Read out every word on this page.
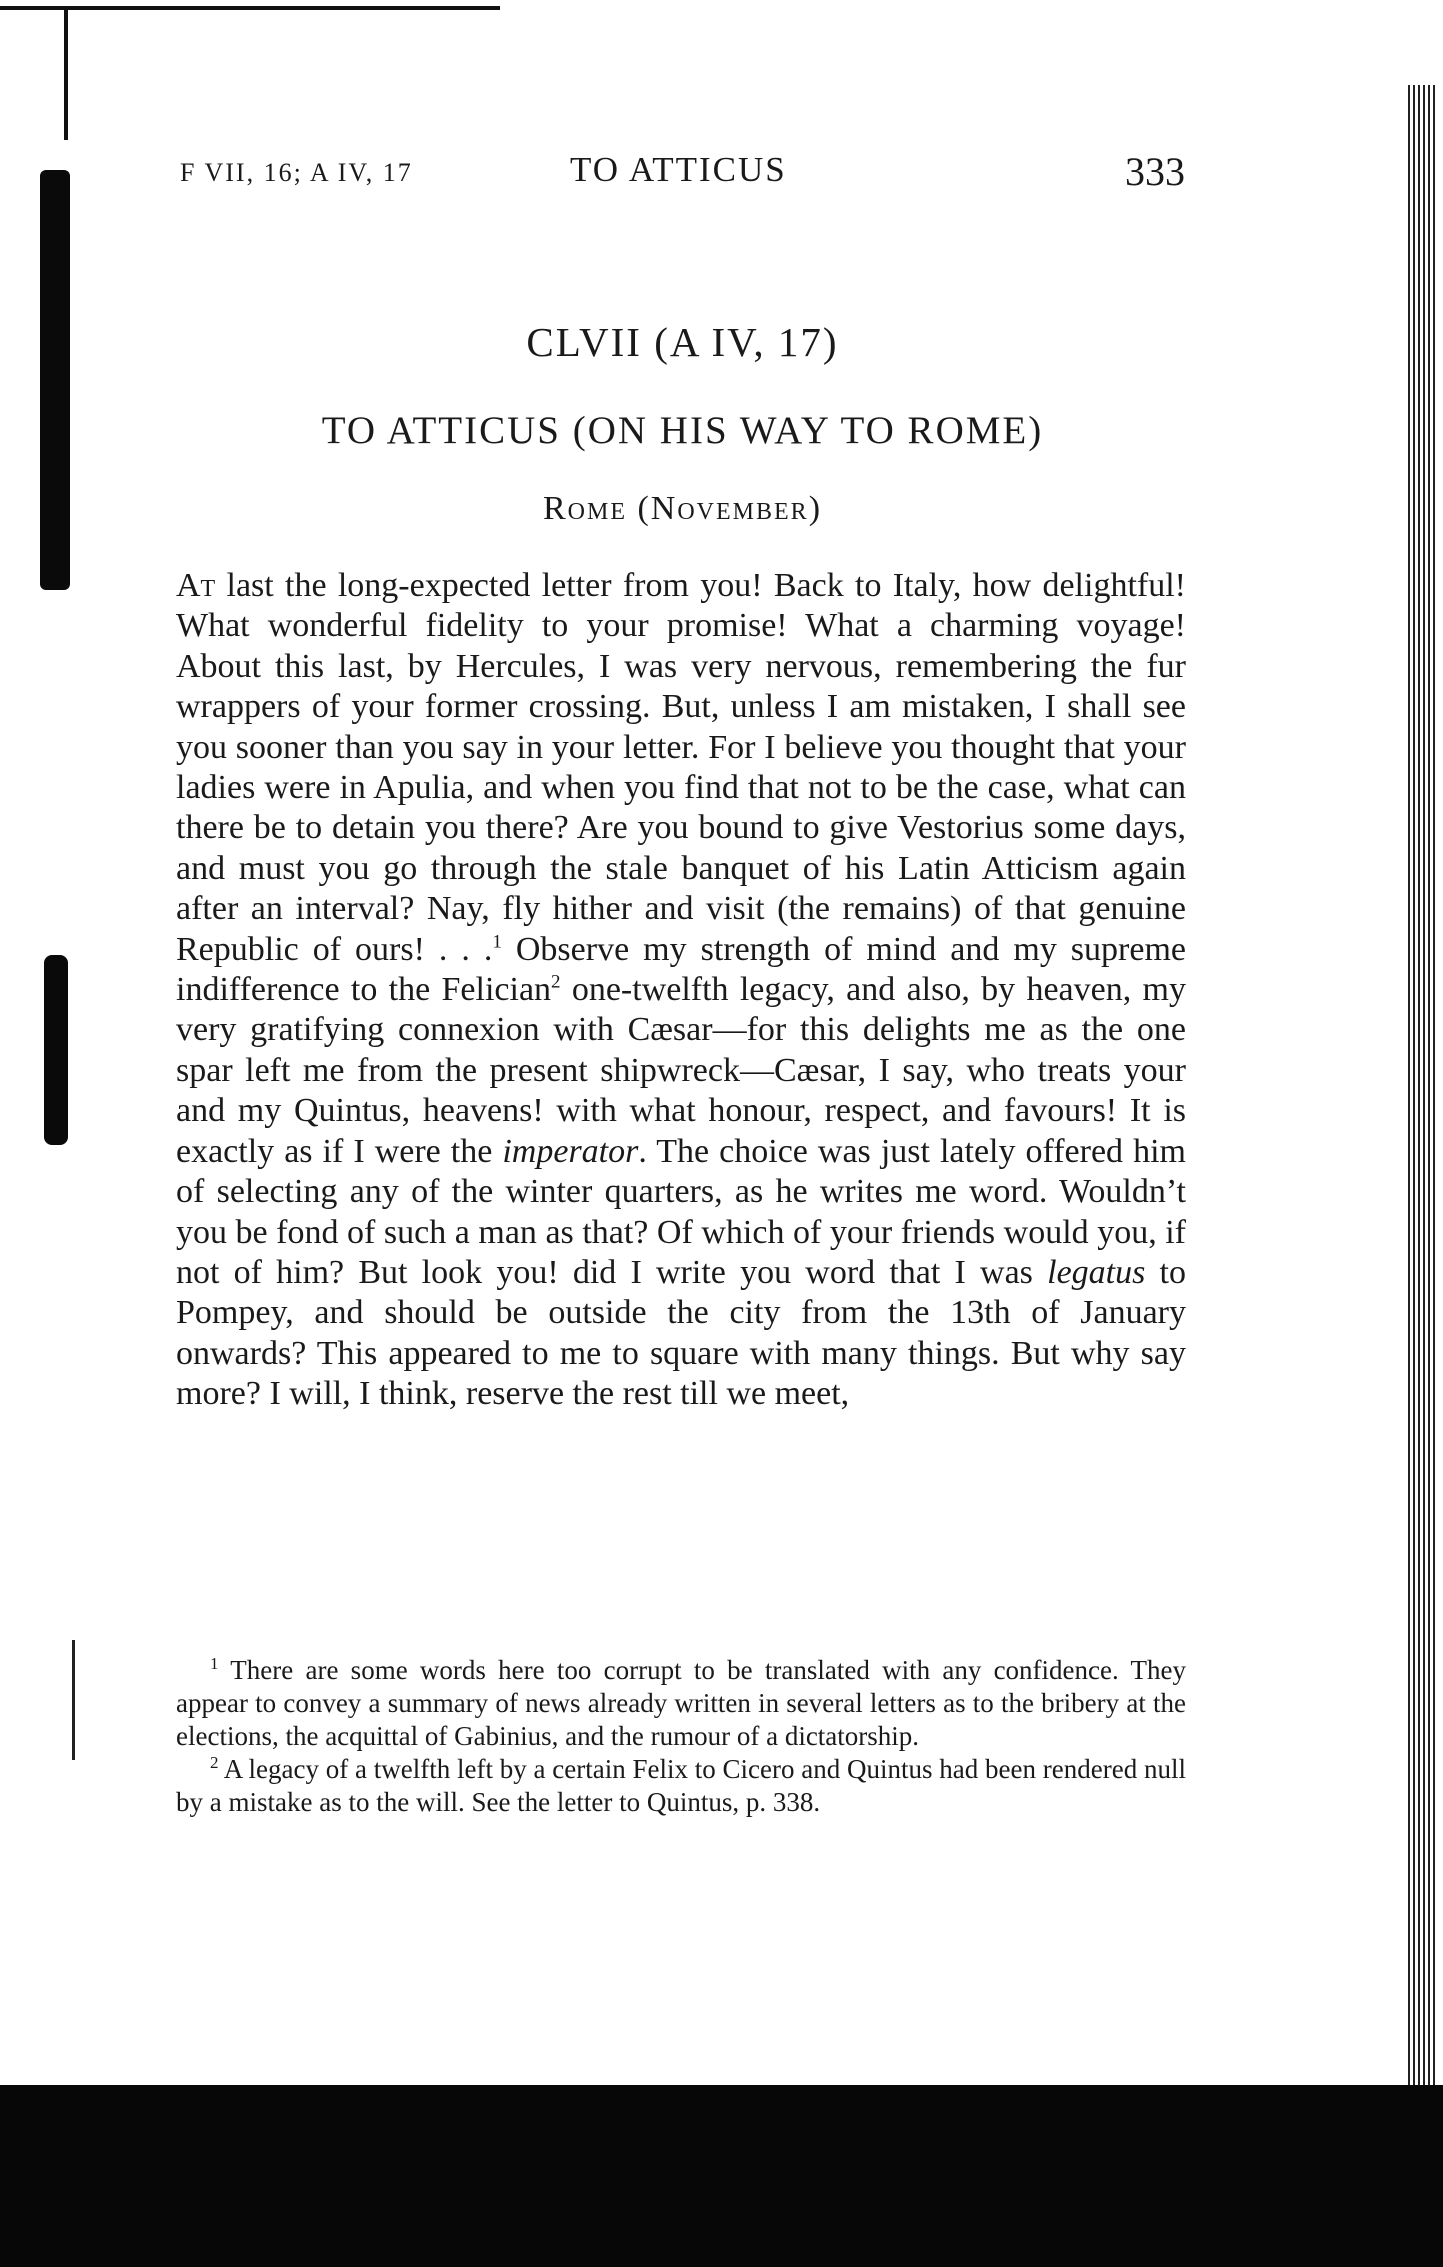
F VII, 16; A IV, 17	TO ATTICUS	333
CLVII (A IV, 17)
TO ATTICUS (ON HIS WAY TO ROME)
Rome (November)

At last the long-expected letter from you! Back to Italy, how delightful! What wonderful fidelity to your promise! What a charming voyage! About this last, by Hercules, I was very nervous, remembering the fur wrappers of your former crossing. But, unless I am mistaken, I shall see you sooner than you say in your letter. For I believe you thought that your ladies were in Apulia, and when you find that not to be the case, what can there be to detain you there? Are you bound to give Vestorius some days, and must you go through the stale banquet of his Latin Atticism again after an interval? Nay, fly hither and visit (the remains) of that genuine Republic of ours! . . .$^1$ Observe my strength of mind and my supreme indifference to the Felician$^2$ one-twelfth legacy, and also, by heaven, my very gratifying connexion with Cæsar—for this delights me as the one spar left me from the present shipwreck—Cæsar, I say, who treats your and my Quintus, heavens! with what honour, respect, and favours! It is exactly as if I were the imperator. The choice was just lately offered him of selecting any of the winter quarters, as he writes me word. Wouldn’t you be fond of such a man as that? Of which of your friends would you, if not of him? But look you! did I write you word that I was legatus to Pompey, and should be outside the city from the 13th of January onwards? This appeared to me to square with many things. But why say more? I will, I think, reserve the rest till we meet,

$^1$ There are some words here too corrupt to be translated with any confidence. They appear to convey a summary of news already written in several letters as to the bribery at the elections, the acquittal of Gabinius, and the rumour of a dictatorship.

$^2$ A legacy of a twelfth left by a certain Felix to Cicero and Quintus had been rendered null by a mistake as to the will. See the letter to Quintus, p. 338.
